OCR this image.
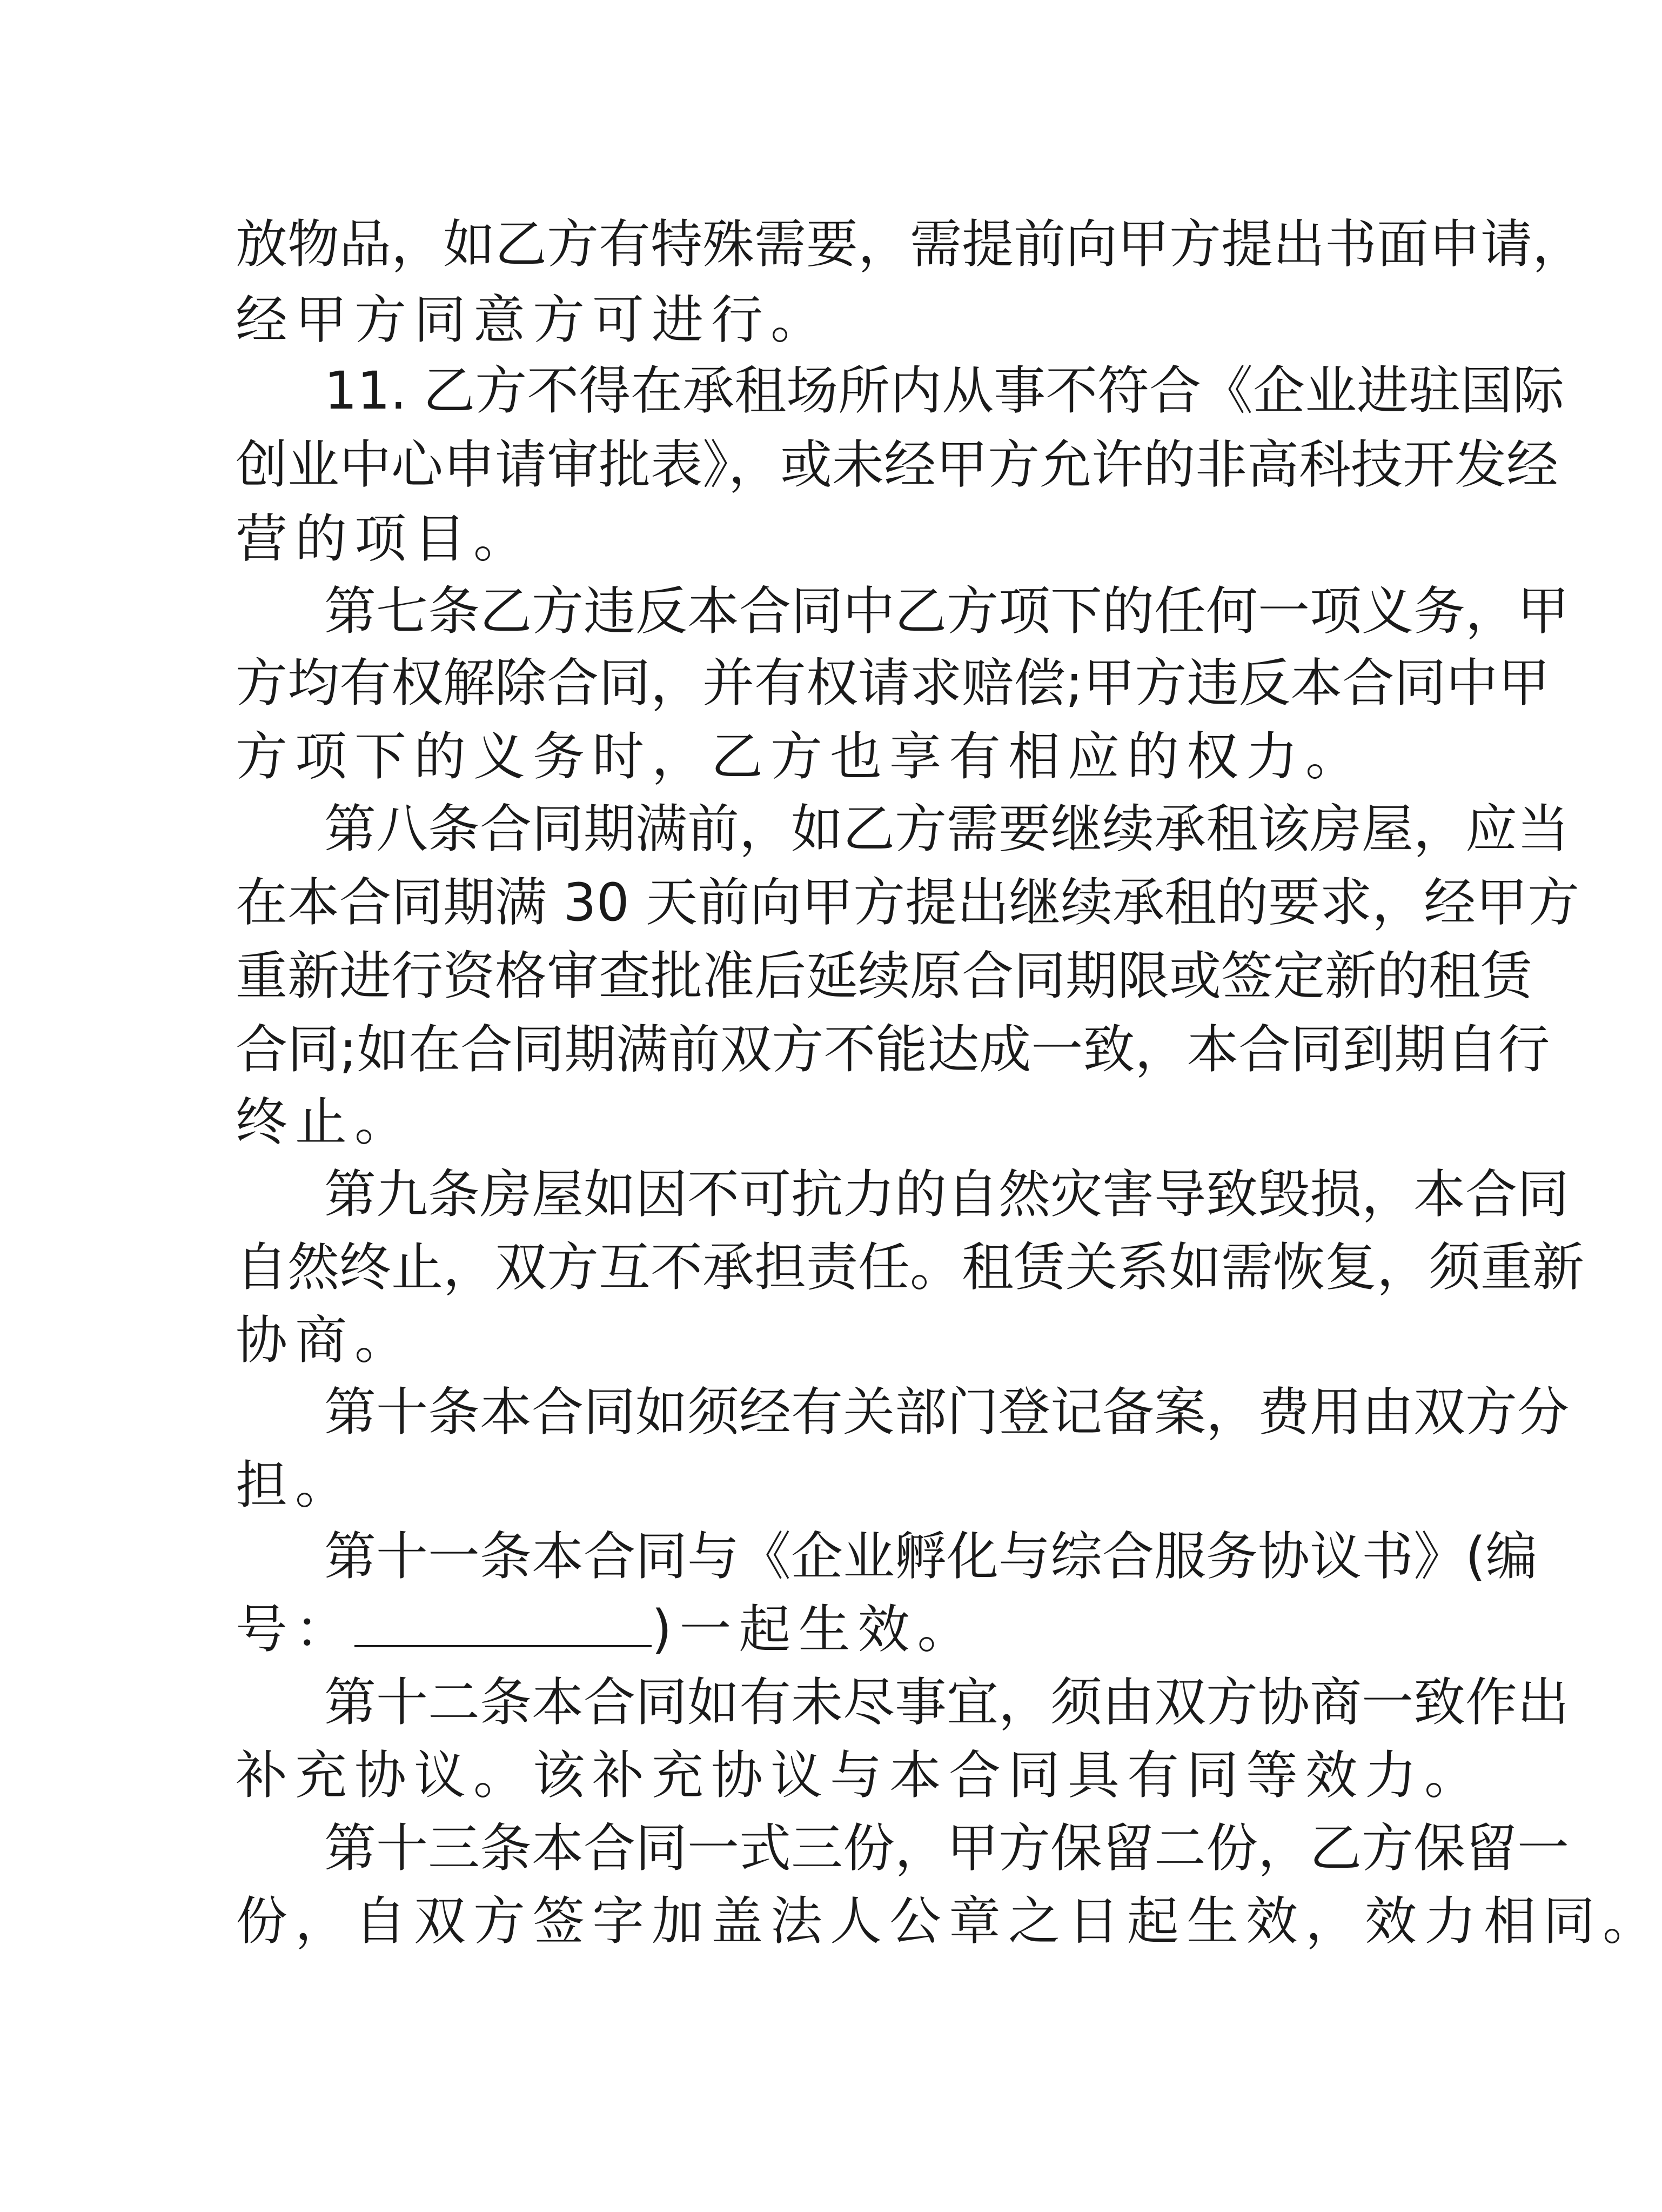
放物品，如乙方有特殊需要，需提前向甲方提出书面申请，
经甲方同意方可进行。
11. 乙方不得在承租场所内从事不符合《企业进驻国际
创业中心申请审批表》，或未经甲方允许的非高科技开发经
营的项目。
第七条乙方违反本合同中乙方项下的任何一项义务，甲
方均有权解除合同，并有权请求赔偿;甲方违反本合同中甲
方项下的义务时，乙方也享有相应的权力。
第八条合同期满前，如乙方需要继续承租该房屋，应当
在本合同期满 30 天前向甲方提出继续承租的要求，经甲方
重新进行资格审查批准后延续原合同期限或签定新的租赁
合同;如在合同期满前双方不能达成一致，本合同到期自行
终止。
第九条房屋如因不可抗力的自然灾害导致毁损，本合同
自然终止，双方互不承担责任。租赁关系如需恢复，须重新
协商。
第十条本合同如须经有关部门登记备案，费用由双方分
担。
第十一条本合同与《企业孵化与综合服务协议书》(编
号：	)一起生效。
第十二条本合同如有未尽事宜，须由双方协商一致作出
补充协议。该补充协议与本合同具有同等效力。
第十三条本合同一式三份，甲方保留二份，乙方保留一
份，自双方签字加盖法人公章之日起生效，效力相同。
